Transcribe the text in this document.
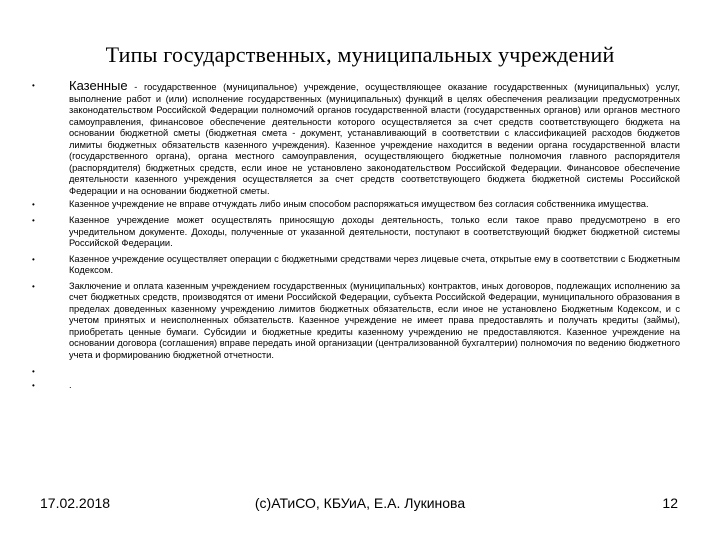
Типы государственных, муниципальных учреждений
•	Казенные - государственное (муниципальное) учреждение, осуществляющее оказание государственных (муниципальных) услуг, выполнение работ и (или) исполнение государственных (муниципальных) функций в целях обеспечения реализации предусмотренных законодательством Российской Федерации полномочий органов государственной власти (государственных органов) или органов местного самоуправления, финансовое обеспечение деятельности которого осуществляется за счет средств соответствующего бюджета на основании бюджетной сметы (бюджетная смета - документ, устанавливающий в соответствии с классификацией расходов бюджетов лимиты бюджетных обязательств казенного учреждения). Казенное учреждение находится в ведении органа государственной власти (государственного органа), органа местного самоуправления, осуществляющего бюджетные полномочия главного распорядителя (распорядителя) бюджетных средств, если иное не установлено законодательством Российской Федерации. Финансовое обеспечение деятельности казенного учреждения осуществляется за счет средств соответствующего бюджета бюджетной системы Российской Федерации и на основании бюджетной сметы.
•	Казенное учреждение не вправе отчуждать либо иным способом распоряжаться имуществом без согласия собственника имущества.
•	Казенное учреждение может осуществлять приносящую доходы деятельность, только если такое право предусмотрено в его учредительном документе. Доходы, полученные от указанной деятельности, поступают в соответствующий бюджет бюджетной системы Российской Федерации.
•	Казенное учреждение осуществляет операции с бюджетными средствами через лицевые счета, открытые ему в соответствии с Бюджетным Кодексом.
•	Заключение и оплата казенным учреждением государственных (муниципальных) контрактов, иных договоров, подлежащих исполнению за счет бюджетных средств, производятся от имени Российской Федерации, субъекта Российской Федерации, муниципального образования в пределах доведенных казенному учреждению лимитов бюджетных обязательств, если иное не установлено Бюджетным Кодексом, и с учетом принятых и неисполненных обязательств. Казенное учреждение не имеет права предоставлять и получать кредиты (займы), приобретать ценные бумаги. Субсидии и бюджетные кредиты казенному учреждению не предоставляются. Казенное учреждение на основании договора (соглашения) вправе передать иной организации (централизованной бухгалтерии) полномочия по ведению бюджетного учета и формированию бюджетной отчетности.
•
•	.
17.02.2018	(с)АТиСО, КБУиА, Е.А. Лукинова	12
